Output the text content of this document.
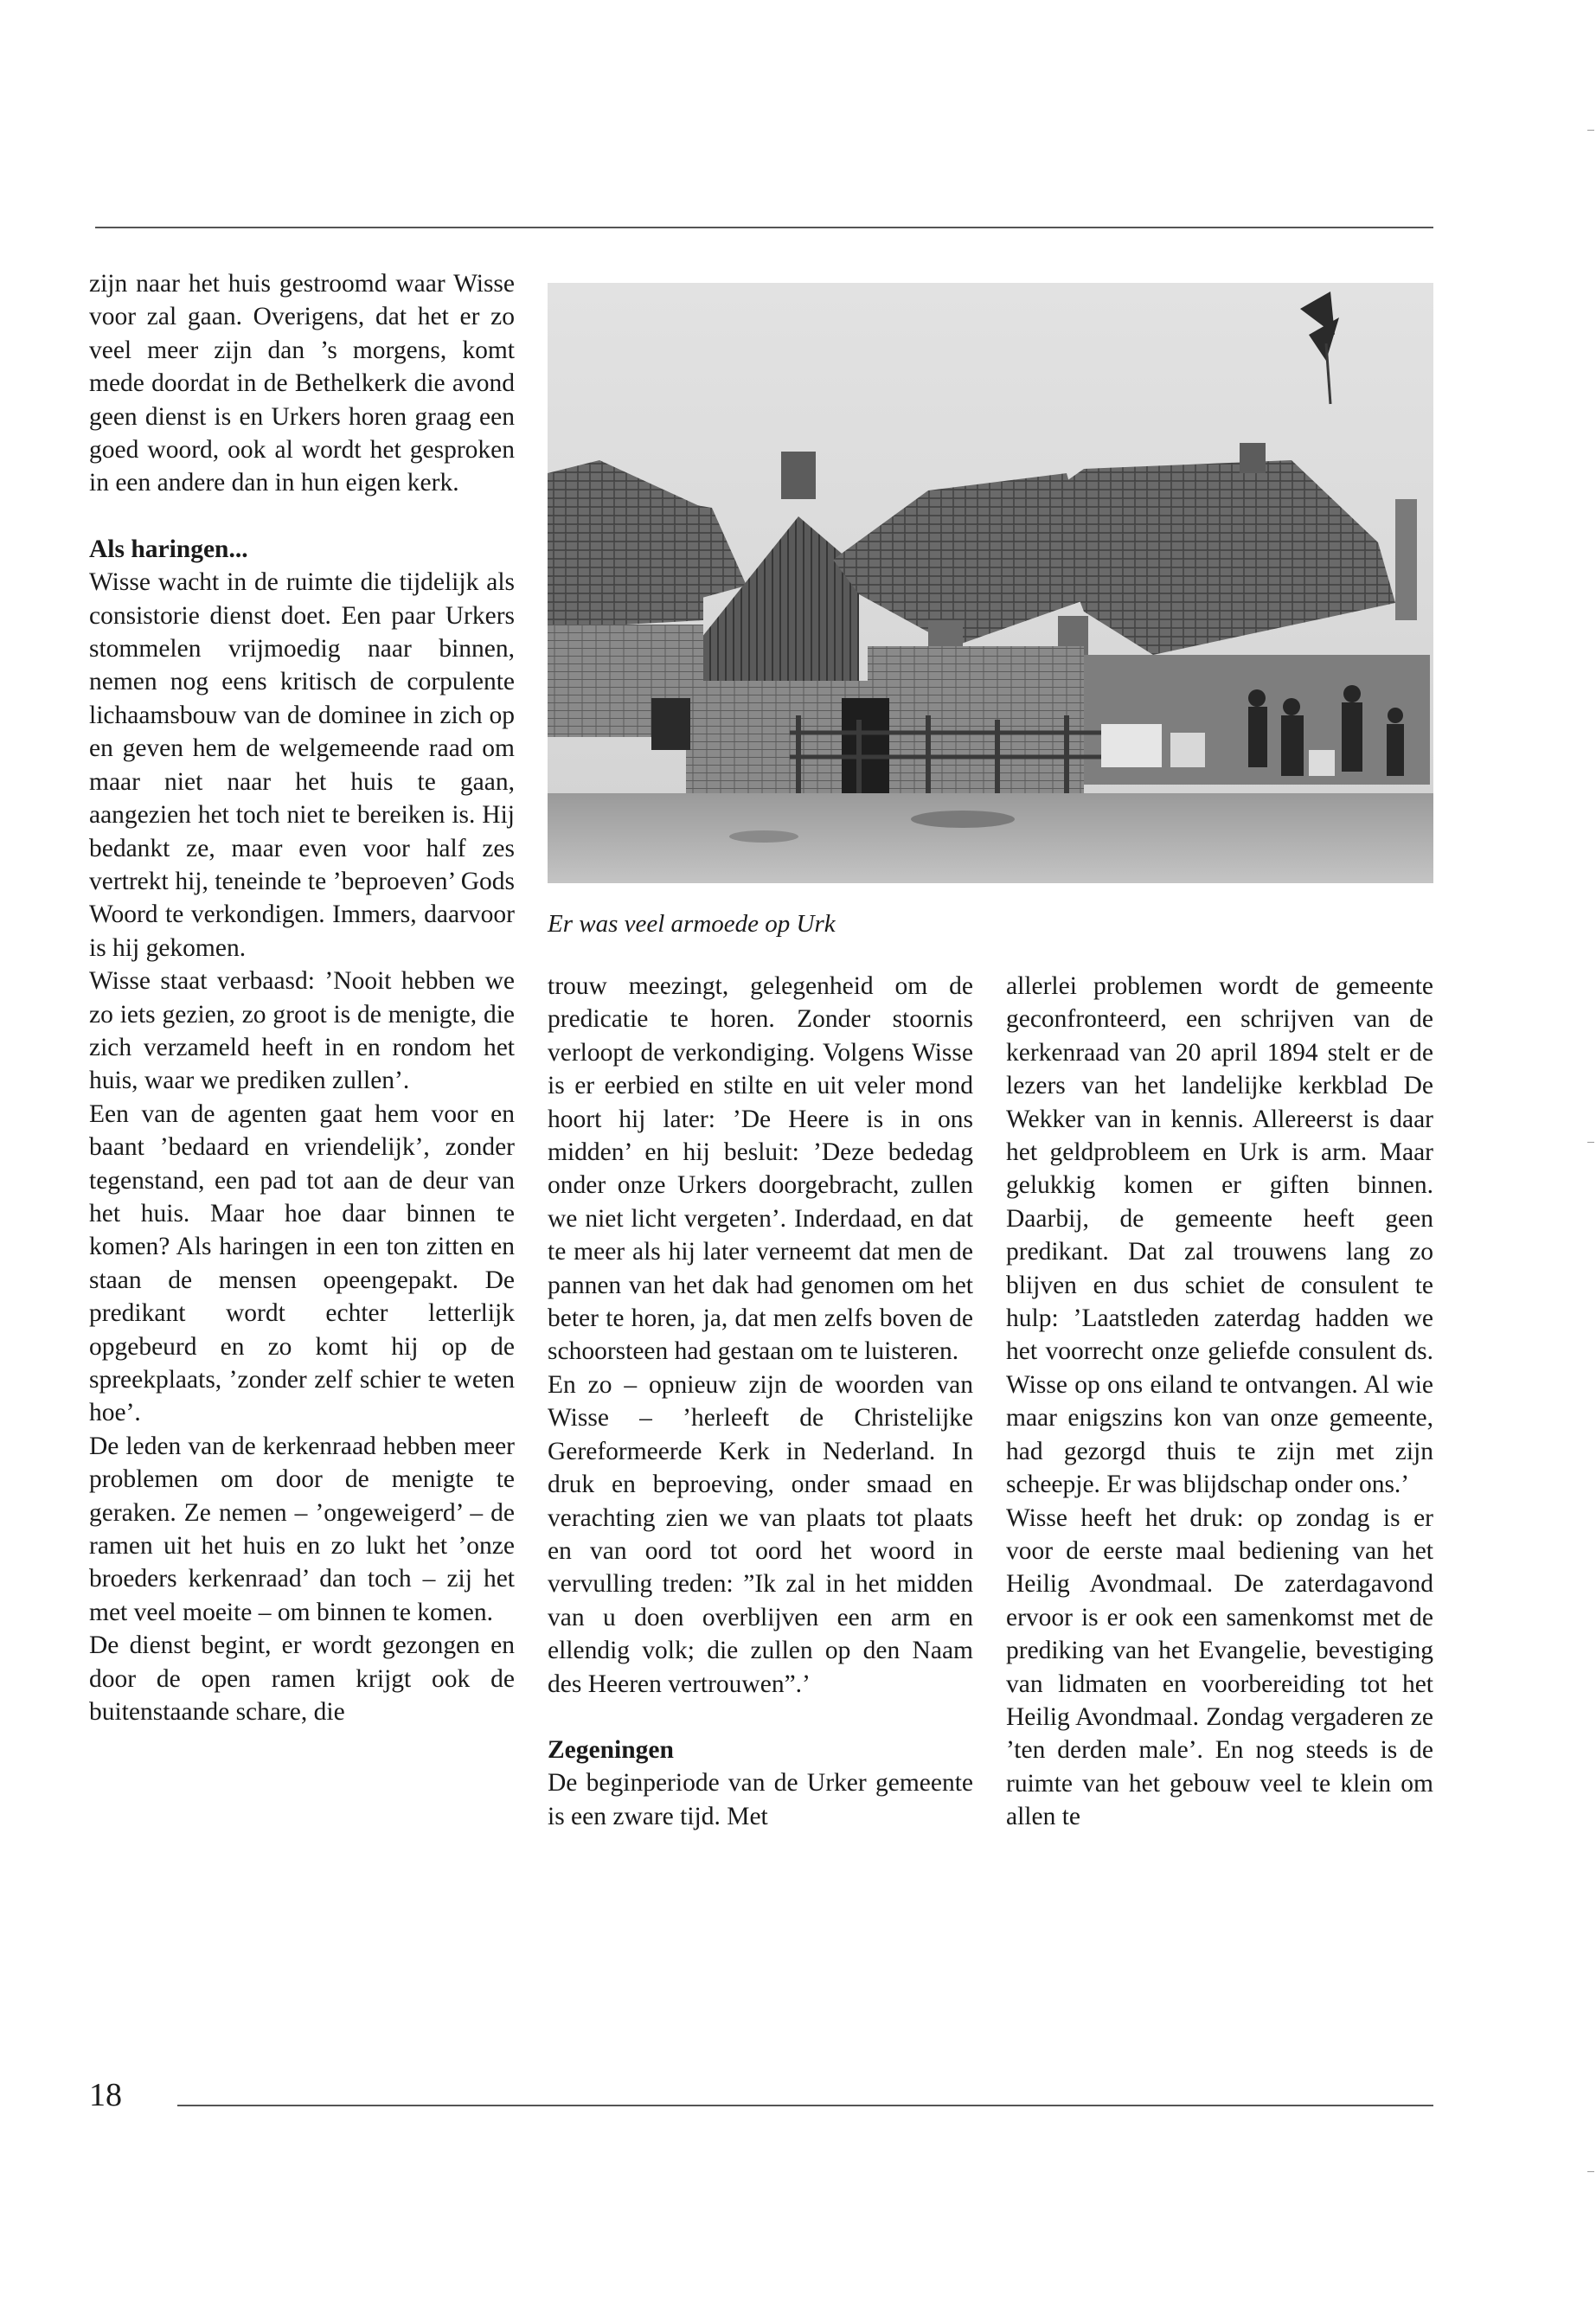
zijn naar het huis gestroomd waar Wisse voor zal gaan. Overigens, dat het er zo veel meer zijn dan ’s morgens, komt mede doordat in de Bethelkerk die avond geen dienst is en Urkers horen graag een goed woord, ook al wordt het gesproken in een andere dan in hun eigen kerk.

Als haringen...

Wisse wacht in de ruimte die tijdelijk als consistorie dienst doet. Een paar Urkers stommelen vrijmoedig naar binnen, nemen nog eens kritisch de corpulente lichaamsbouw van de dominee in zich op en geven hem de welgemeende raad om maar niet naar het huis te gaan, aangezien het toch niet te bereiken is. Hij bedankt ze, maar even voor half zes vertrekt hij, teneinde te ’beproeven’ Gods Woord te verkondigen. Immers, daarvoor is hij gekomen.

Wisse staat verbaasd: ’Nooit hebben we zo iets gezien, zo groot is de menigte, die zich verzameld heeft in en rondom het huis, waar we prediken zullen’.

Een van de agenten gaat hem voor en baant ’bedaard en vriendelijk’, zonder tegenstand, een pad tot aan de deur van het huis. Maar hoe daar binnen te komen? Als haringen in een ton zitten en staan de mensen opeengepakt. De predikant wordt echter letterlijk opgebeurd en zo komt hij op de spreekplaats, ’zonder zelf schier te weten hoe’.

De leden van de kerkenraad hebben meer problemen om door de menigte te geraken. Ze nemen – ’ongeweigerd’ – de ramen uit het huis en zo lukt het ’onze broeders kerkenraad’ dan toch – zij het met veel moeite – om binnen te komen.

De dienst begint, er wordt gezongen en door de open ramen krijgt ook de buitenstaande schare, die

Er was veel armoede op Urk

trouw meezingt, gelegenheid om de predicatie te horen. Zonder stoornis verloopt de verkondiging. Volgens Wisse is er eerbied en stilte en uit veler mond hoort hij later: ’De Heere is in ons midden’ en hij besluit: ’Deze bededag onder onze Urkers doorgebracht, zullen we niet licht vergeten’. Inderdaad, en dat te meer als hij later verneemt dat men de pannen van het dak had genomen om het beter te horen, ja, dat men zelfs boven de schoorsteen had gestaan om te luisteren.

En zo – opnieuw zijn de woorden van Wisse – ’herleeft de Christelijke Gereformeerde Kerk in Nederland. In druk en beproeving, onder smaad en verachting zien we van plaats tot plaats en van oord tot oord het woord in vervulling treden: ”Ik zal in het midden van u doen overblijven een arm en ellendig volk; die zullen op den Naam des Heeren vertrouwen”.’

Zegeningen

De beginperiode van de Urker gemeente is een zware tijd. Met

allerlei problemen wordt de gemeente geconfronteerd, een schrijven van de kerkenraad van 20 april 1894 stelt er de lezers van het landelijke kerkblad De Wekker van in kennis. Allereerst is daar het geldprobleem en Urk is arm. Maar gelukkig komen er giften binnen. Daarbij, de gemeente heeft geen predikant. Dat zal trouwens lang zo blijven en dus schiet de consulent te hulp: ’Laatstleden zaterdag hadden we het voorrecht onze geliefde consulent ds. Wisse op ons eiland te ontvangen. Al wie maar enigszins kon van onze gemeente, had gezorgd thuis te zijn met zijn scheepje. Er was blijdschap onder ons.’

Wisse heeft het druk: op zondag is er voor de eerste maal bediening van het Heilig Avondmaal. De zaterdagavond ervoor is er ook een samenkomst met de prediking van het Evangelie, bevestiging van lidmaten en voorbereiding tot het Heilig Avondmaal. Zondag vergaderen ze ’ten derden male’. En nog steeds is de ruimte van het gebouw veel te klein om allen te

18
